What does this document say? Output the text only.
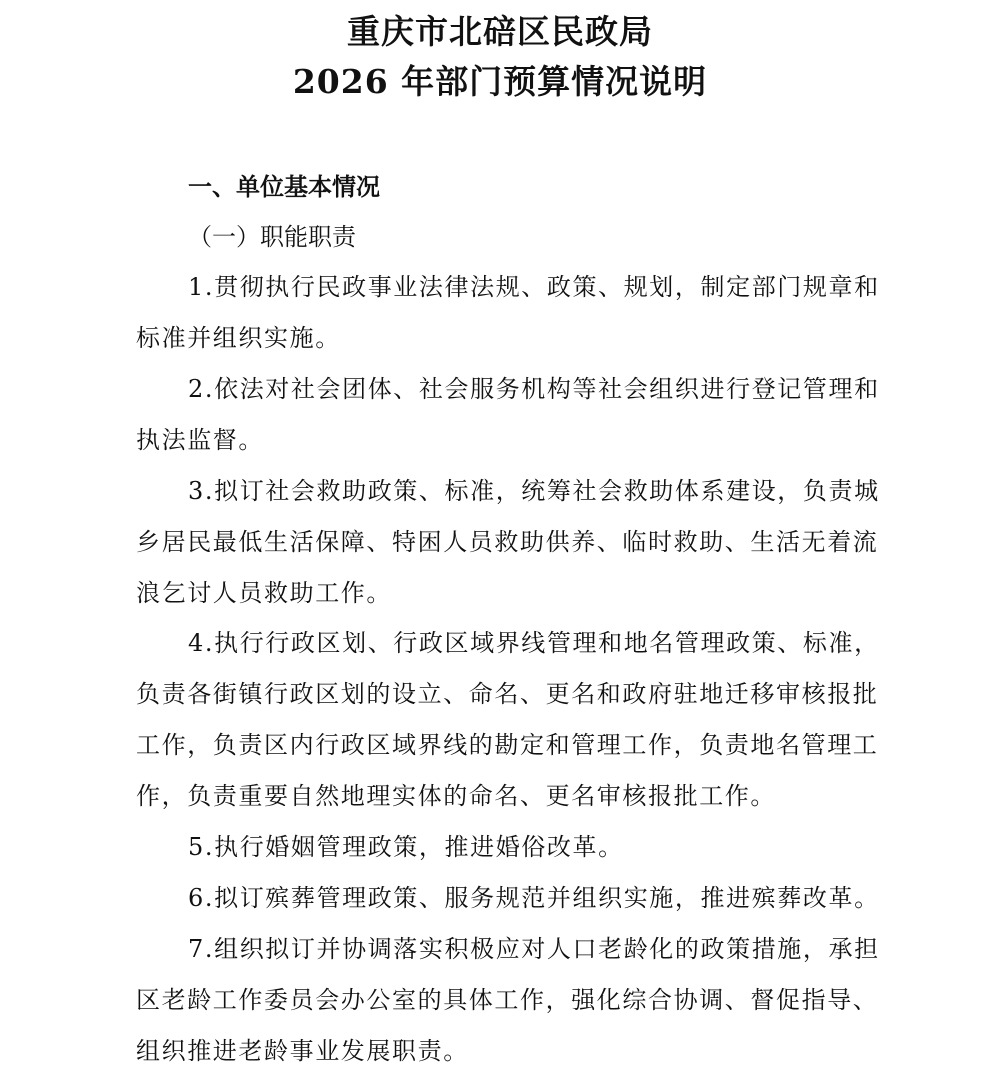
重庆市北碚区民政局
2026 年部门预算情况说明
一、单位基本情况
（一）职能职责

1.贯彻执行民政事业法律法规、政策、规划，制定部门规章和标准并组织实施。

2.依法对社会团体、社会服务机构等社会组织进行登记管理和执法监督。

3.拟订社会救助政策、标准，统筹社会救助体系建设，负责城乡居民最低生活保障、特困人员救助供养、临时救助、生活无着流浪乞讨人员救助工作。

4.执行行政区划、行政区域界线管理和地名管理政策、标准，负责各街镇行政区划的设立、命名、更名和政府驻地迁移审核报批工作，负责区内行政区域界线的勘定和管理工作，负责地名管理工作，负责重要自然地理实体的命名、更名审核报批工作。

5.执行婚姻管理政策，推进婚俗改革。

6.拟订殡葬管理政策、服务规范并组织实施，推进殡葬改革。

7.组织拟订并协调落实积极应对人口老龄化的政策措施，承担区老龄工作委员会办公室的具体工作，强化综合协调、督促指导、组织推进老龄事业发展职责。
